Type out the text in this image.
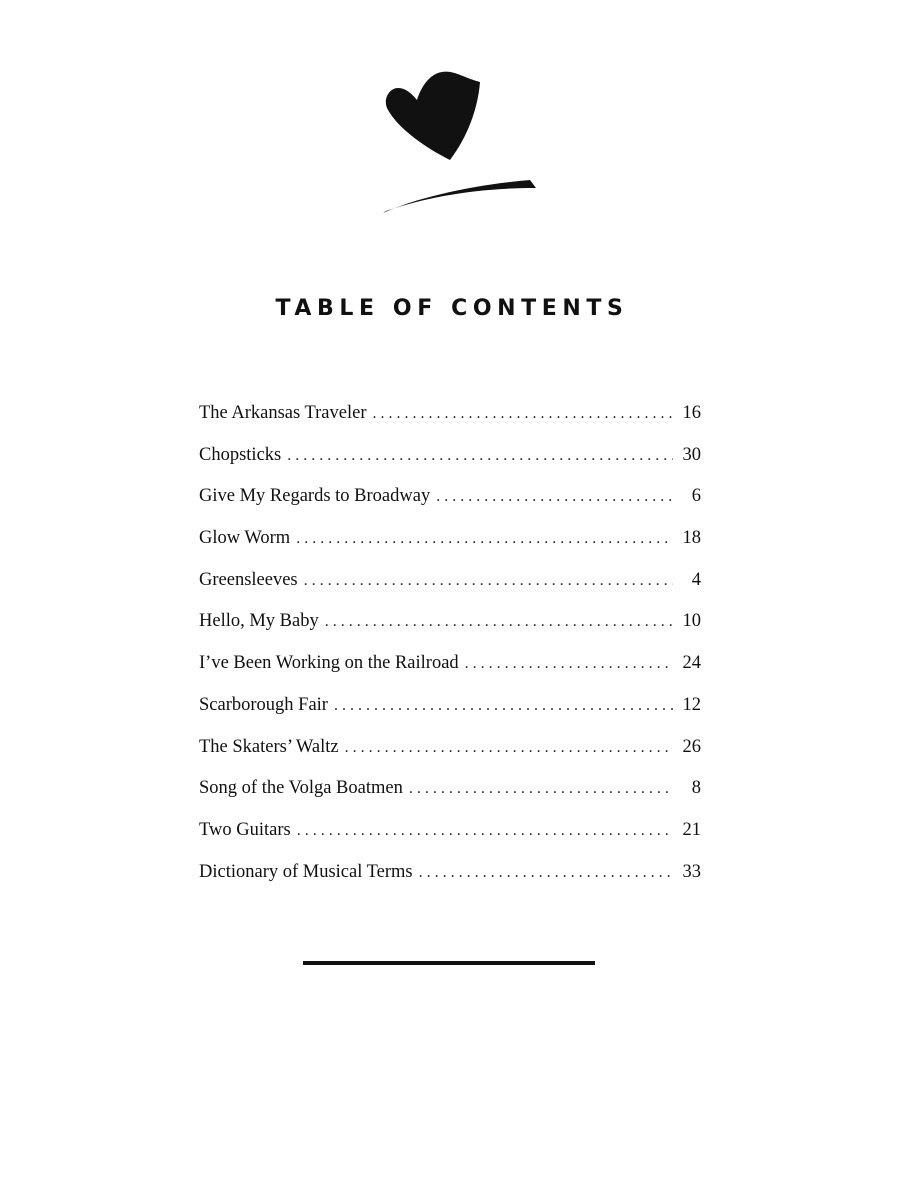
TABLE OF CONTENTS
The Arkansas Traveler . . .	16
Chopsticks . . .	30
Give My Regards to Broadway . . .	6
Glow Worm . . .	18
Greensleeves . . .	4
Hello, My Baby . . .	10
I’ve Been Working on the Railroad . . .	24
Scarborough Fair . . .	12
The Skaters’ Waltz . . .	26
Song of the Volga Boatmen . . .	8
Two Guitars . . .	21
Dictionary of Musical Terms . . .	33
